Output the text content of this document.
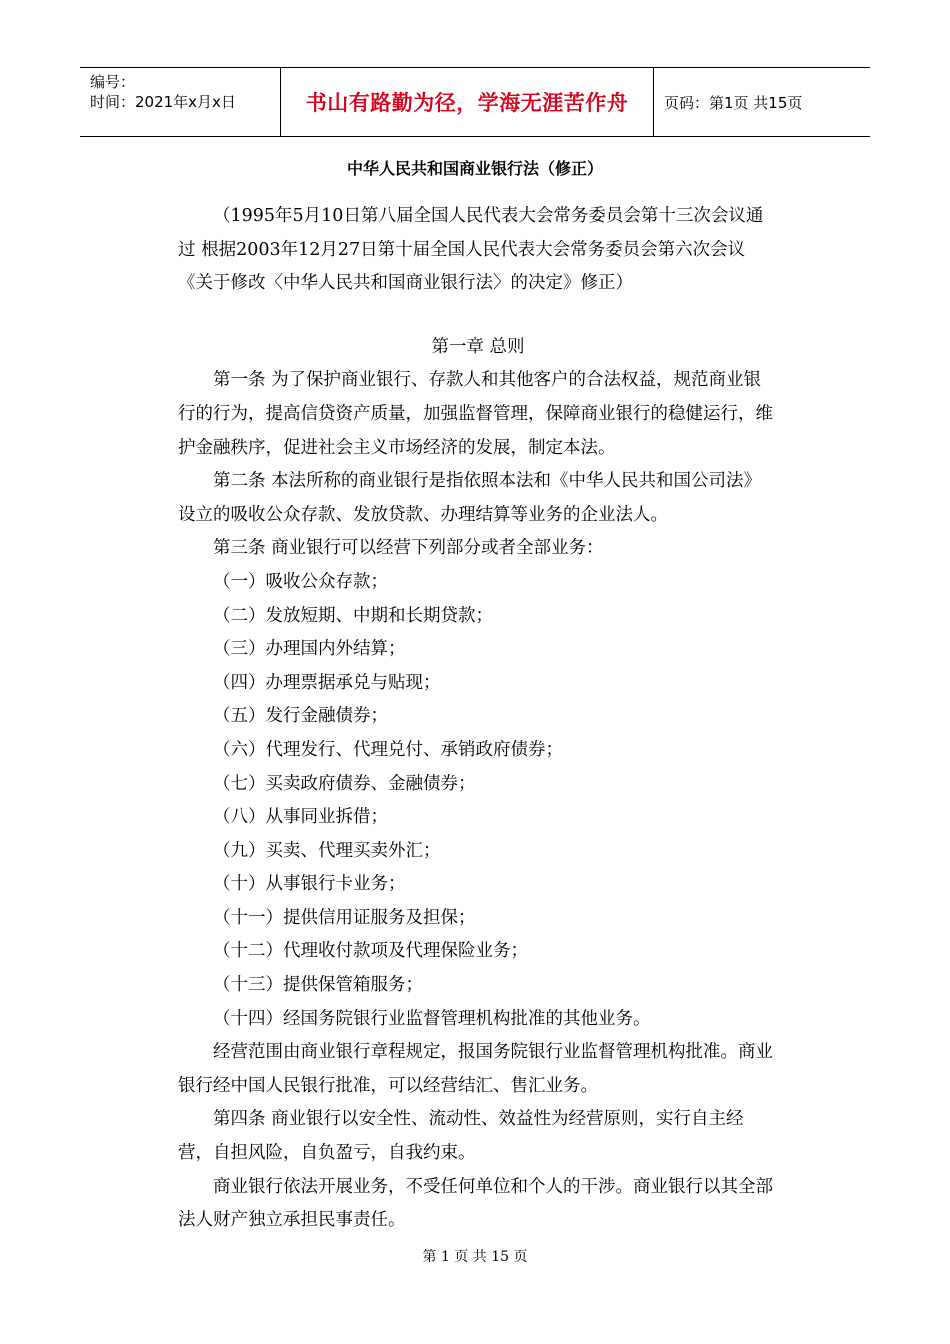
编号：
时间：2021年x月x日	书山有路勤为径，学海无涯苦作舟 页码：第1页 共15页
中华人民共和国商业银行法（修正）

（1995年5月10日第八届全国人民代表大会常务委员会第十三次会议通过 根据2003年12月27日第十届全国人民代表大会常务委员会第六次会议《关于修改〈中华人民共和国商业银行法〉的决定》修正）

第一章 总则

第一条 为了保护商业银行、存款人和其他客户的合法权益，规范商业银行的行为，提高信贷资产质量，加强监督管理，保障商业银行的稳健运行，维护金融秩序，促进社会主义市场经济的发展，制定本法。

第二条 本法所称的商业银行是指依照本法和《中华人民共和国公司法》设立的吸收公众存款、发放贷款、办理结算等业务的企业法人。

第三条 商业银行可以经营下列部分或者全部业务：

（一）吸收公众存款；

（二）发放短期、中期和长期贷款；

（三）办理国内外结算；

（四）办理票据承兑与贴现；

（五）发行金融债券；

（六）代理发行、代理兑付、承销政府债券；

（七）买卖政府债券、金融债券；

（八）从事同业拆借；

（九）买卖、代理买卖外汇；

（十）从事银行卡业务；

（十一）提供信用证服务及担保；

（十二）代理收付款项及代理保险业务；

（十三）提供保管箱服务；

（十四）经国务院银行业监督管理机构批准的其他业务。

经营范围由商业银行章程规定，报国务院银行业监督管理机构批准。商业银行经中国人民银行批准，可以经营结汇、售汇业务。

第四条 商业银行以安全性、流动性、效益性为经营原则，实行自主经营，自担风险，自负盈亏，自我约束。

商业银行依法开展业务，不受任何单位和个人的干涉。商业银行以其全部法人财产独立承担民事责任。

第 1 页 共 15 页
